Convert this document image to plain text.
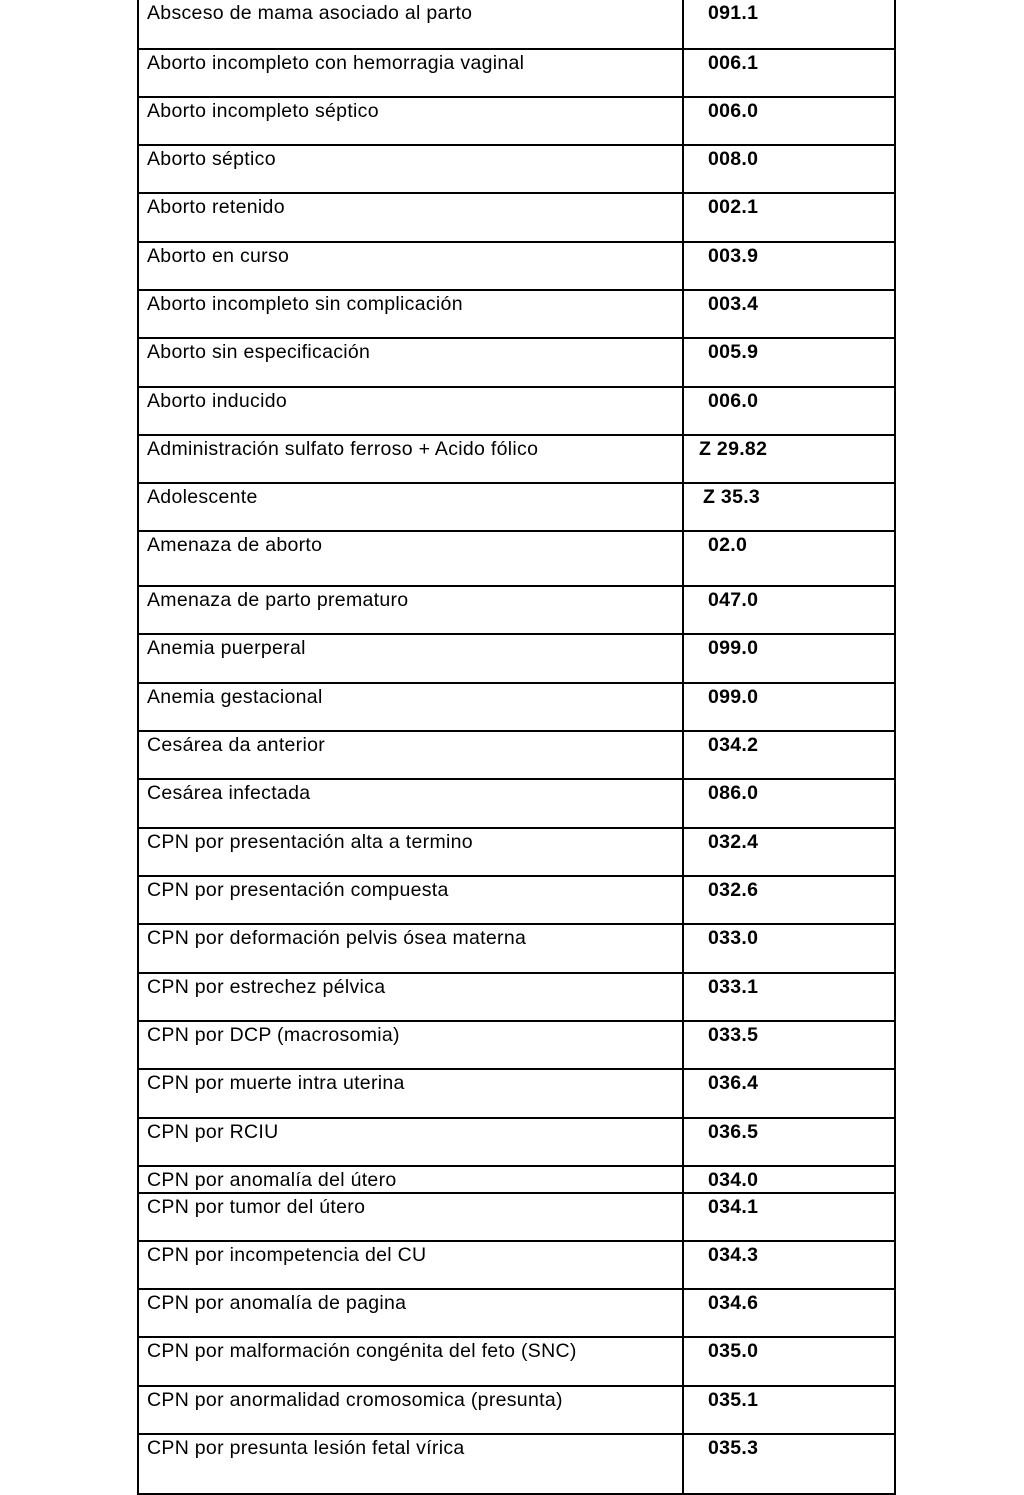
Absceso de mama asociado al parto	091.1
Aborto incompleto con hemorragia vaginal	006.1
Aborto incompleto séptico	006.0
Aborto séptico	008.0
Aborto retenido	002.1
Aborto en curso	003.9
Aborto incompleto sin complicación	003.4
Aborto sin especificación	005.9
Aborto inducido	006.0
Administración sulfato ferroso + Acido fólico	Z 29.82
Adolescente	Z 35.3
Amenaza de aborto	02.0
Amenaza de parto prematuro	047.0
Anemia puerperal	099.0
Anemia gestacional	099.0
Cesárea da anterior	034.2
Cesárea infectada	086.0
CPN por presentación alta a termino	032.4
CPN por presentación compuesta	032.6
CPN por deformación pelvis ósea materna	033.0
CPN por estrechez pélvica	033.1
CPN por DCP (macrosomia)	033.5
CPN por muerte intra uterina	036.4
CPN por RCIU	036.5
CPN por anomalía del útero	034.0
CPN por tumor del útero	034.1
CPN por incompetencia del CU	034.3
CPN por anomalía de pagina	034.6
CPN por malformación congénita del feto (SNC)	035.0
CPN por anormalidad cromosomica (presunta)	035.1
CPN por presunta lesión fetal vírica	035.3
